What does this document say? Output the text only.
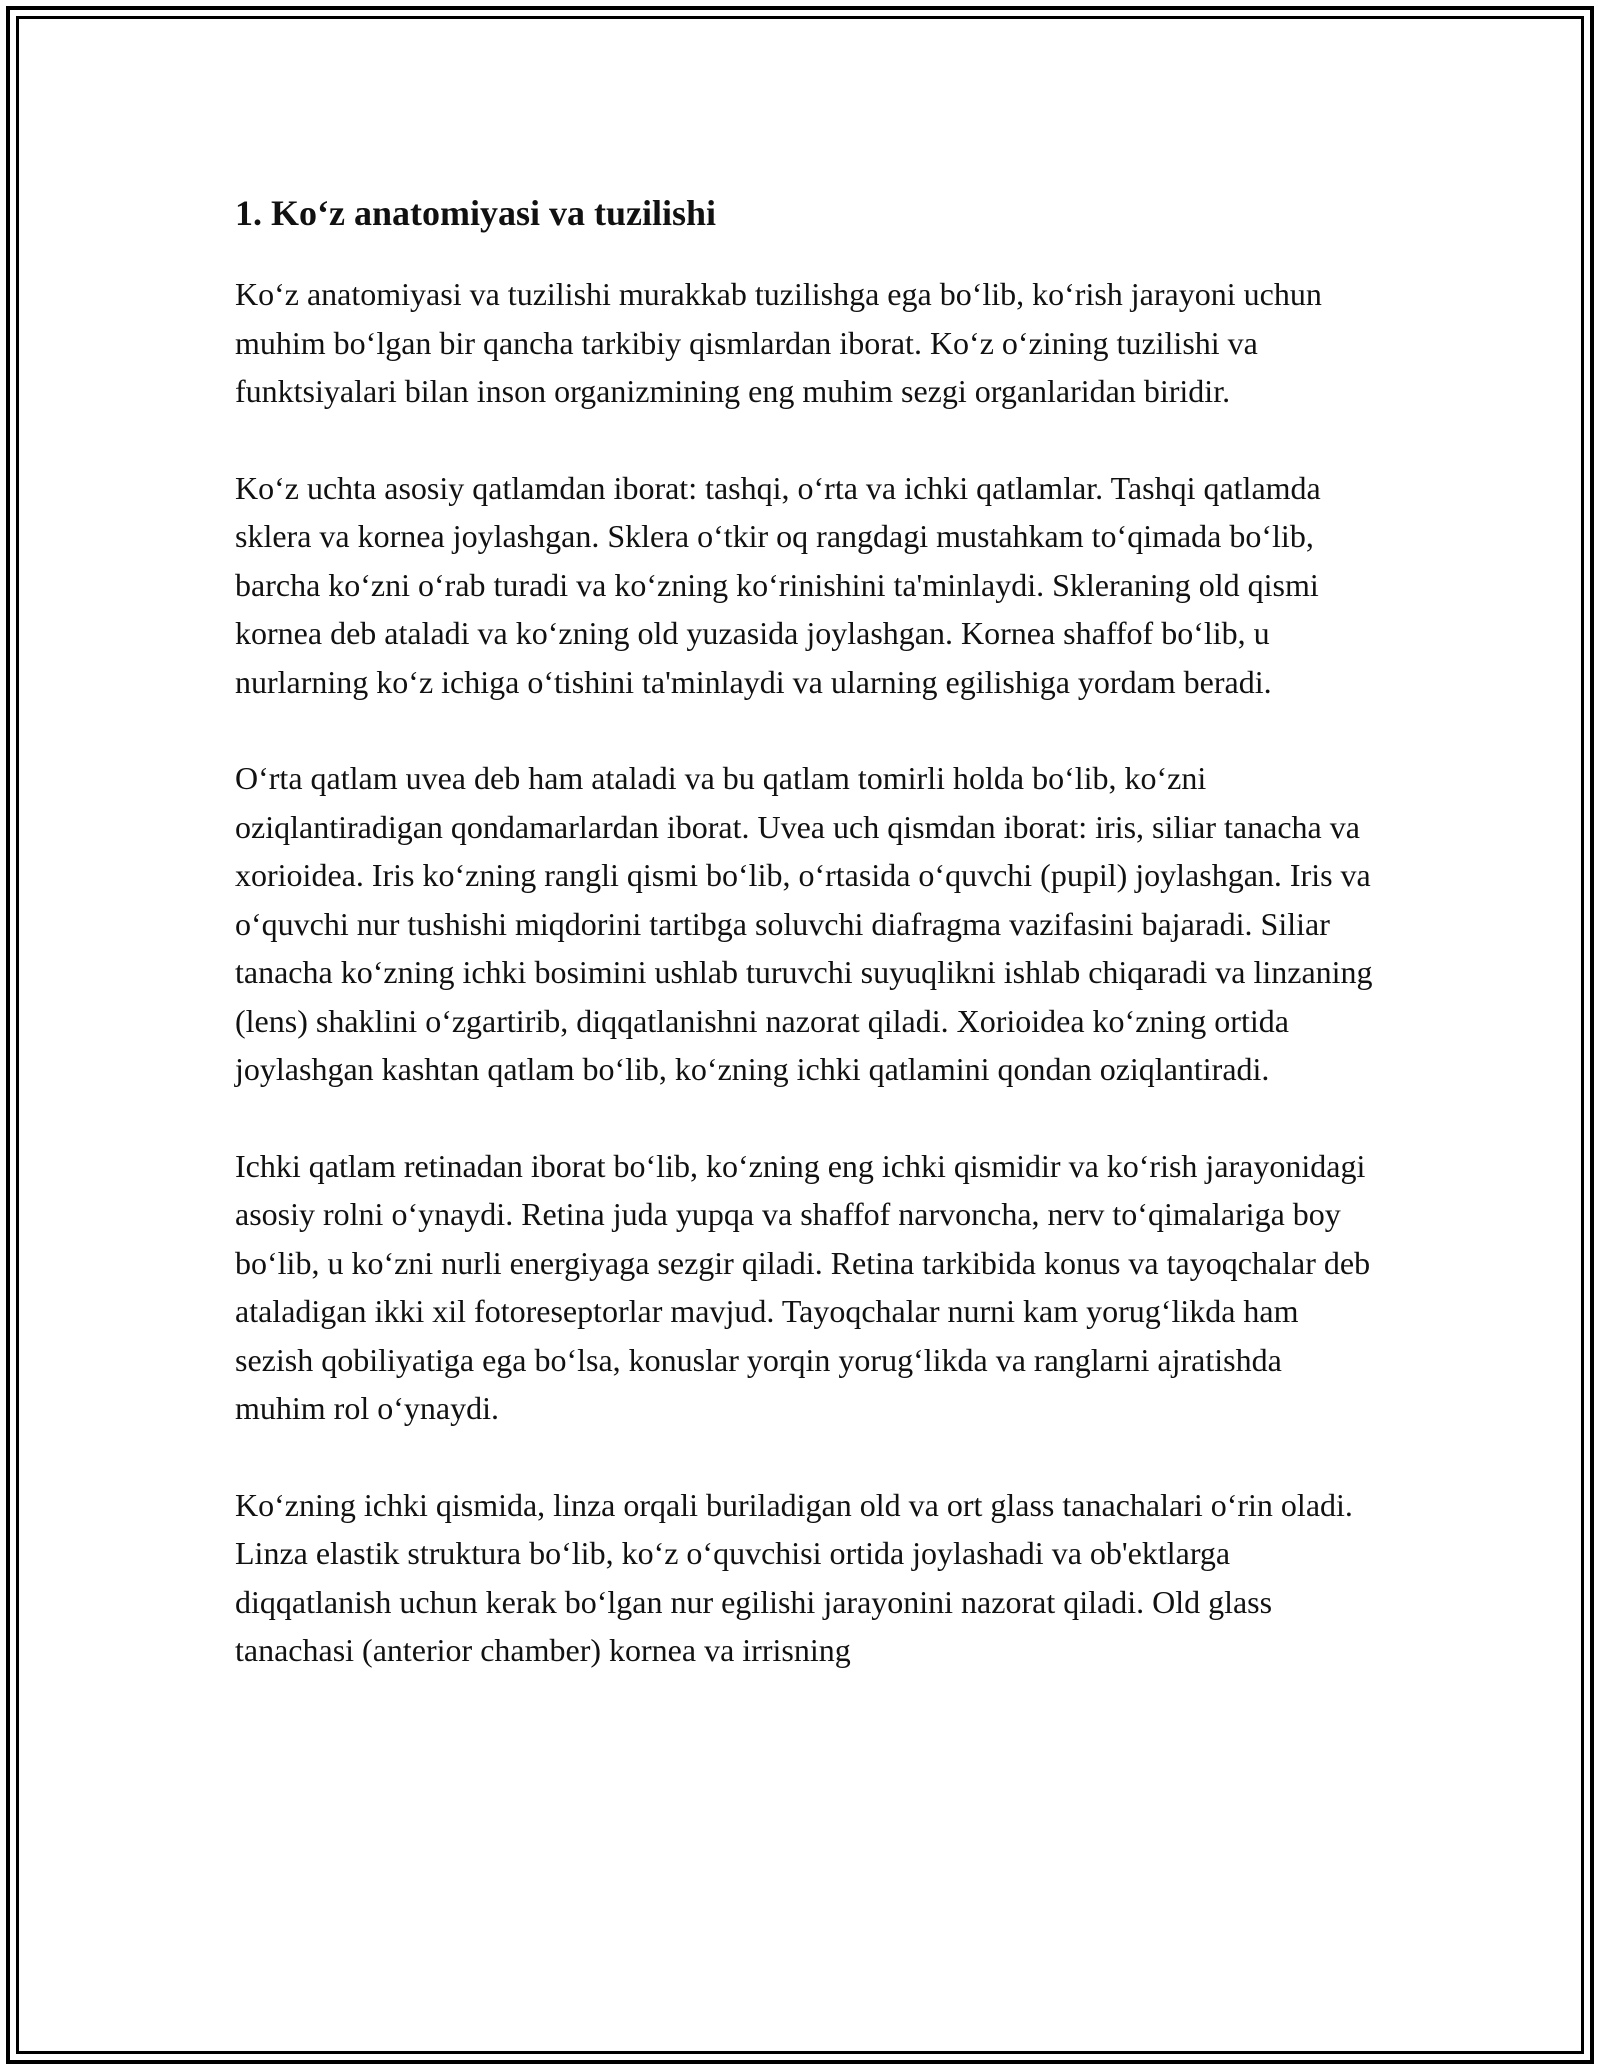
1. Koʻz anatomiyasi va tuzilishi

Koʻz anatomiyasi va tuzilishi murakkab tuzilishga ega boʻlib, koʻrish jarayoni uchun muhim boʻlgan bir qancha tarkibiy qismlardan iborat. Koʻz oʻzining tuzilishi va funktsiyalari bilan inson organizmining eng muhim sezgi organlaridan biridir.

Koʻz uchta asosiy qatlamdan iborat: tashqi, oʻrta va ichki qatlamlar. Tashqi qatlamda sklera va kornea joylashgan. Sklera oʻtkir oq rangdagi mustahkam toʻqimada boʻlib, barcha koʻzni oʻrab turadi va koʻzning koʻrinishini ta'minlaydi. Skleraning old qismi kornea deb ataladi va koʻzning old yuzasida joylashgan. Kornea shaffof boʻlib, u nurlarning koʻz ichiga oʻtishini ta'minlaydi va ularning egilishiga yordam beradi.

Oʻrta qatlam uvea deb ham ataladi va bu qatlam tomirli holda boʻlib, koʻzni oziqlantiradigan qondamarlardan iborat. Uvea uch qismdan iborat: iris, siliar tanacha va xorioidea. Iris koʻzning rangli qismi boʻlib, oʻrtasida oʻquvchi (pupil) joylashgan. Iris va oʻquvchi nur tushishi miqdorini tartibga soluvchi diafragma vazifasini bajaradi. Siliar tanacha koʻzning ichki bosimini ushlab turuvchi suyuqlikni ishlab chiqaradi va linzaning (lens) shaklini oʻzgartirib, diqqatlanishni nazorat qiladi. Xorioidea koʻzning ortida joylashgan kashtan qatlam boʻlib, koʻzning ichki qatlamini qondan oziqlantiradi.

Ichki qatlam retinadan iborat boʻlib, koʻzning eng ichki qismidir va koʻrish jarayonidagi asosiy rolni oʻynaydi. Retina juda yupqa va shaffof narvoncha, nerv toʻqimalariga boy boʻlib, u koʻzni nurli energiyaga sezgir qiladi. Retina tarkibida konus va tayoqchalar deb ataladigan ikki xil fotoreseptorlar mavjud. Tayoqchalar nurni kam yorugʻlikda ham sezish qobiliyatiga ega boʻlsa, konuslar yorqin yorugʻlikda va ranglarni ajratishda muhim rol oʻynaydi.

Koʻzning ichki qismida, linza orqali buriladigan old va ort glass tanachalari oʻrin oladi. Linza elastik struktura boʻlib, koʻz oʻquvchisi ortida joylashadi va ob'ektlarga diqqatlanish uchun kerak boʻlgan nur egilishi jarayonini nazorat qiladi. Old glass tanachasi (anterior chamber) kornea va irrisning
